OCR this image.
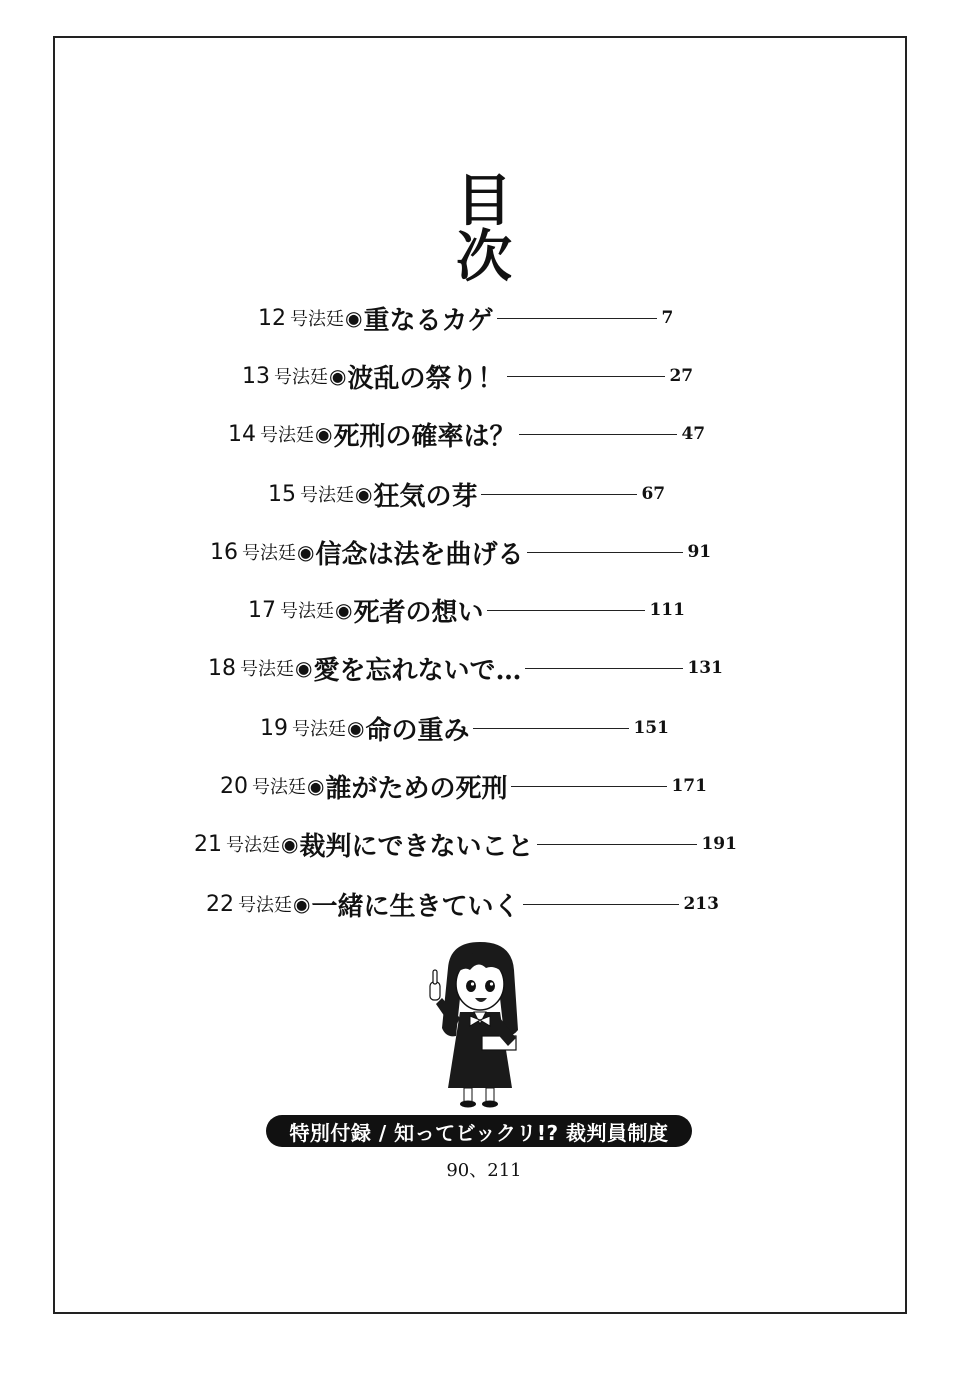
目
次
12 号法廷 ◉ 重なるカゲ	7
13 号法廷 ◉ 波乱の祭り！	27
14 号法廷 ◉ 死刑の確率は？	47
15 号法廷 ◉ 狂気の芽	67
16 号法廷 ◉ 信念は法を曲げる	91
17 号法廷 ◉ 死者の想い	111
18 号法廷 ◉ 愛を忘れないで…	131
19 号法廷 ◉ 命の重み	151
20 号法廷 ◉ 誰がための死刑	171
21 号法廷 ◉ 裁判にできないこと	191
22 号法廷 ◉ 一緒に生きていく	213
特別付録 / 知ってビックリ!? 裁判員制度
90、211
